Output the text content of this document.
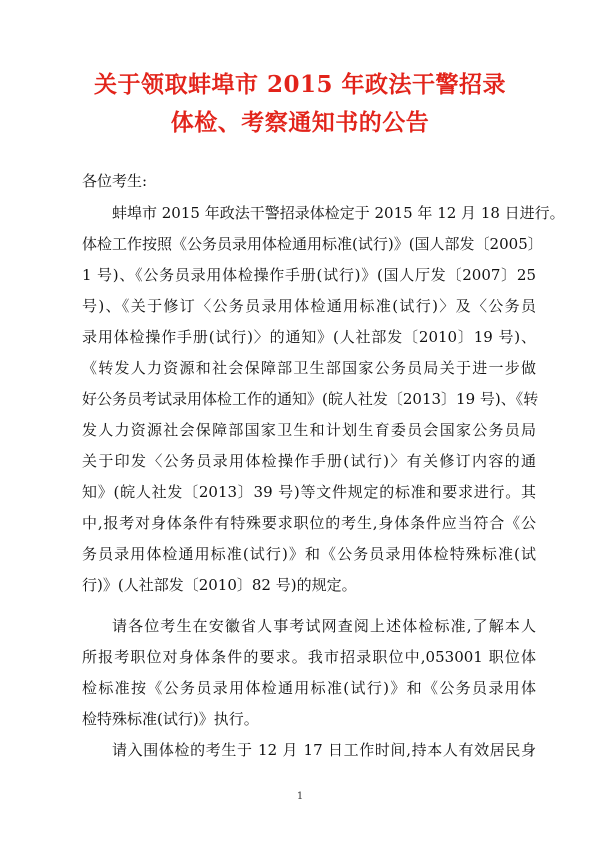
关于领取蚌埠市 2015 年政法干警招录
体检、考察通知书的公告
各位考生:
蚌埠市 2015 年政法干警招录体检定于 2015 年 12 月 18 日进行。
体检工作按照《公务员录用体检通用标准(试行)》(国人部发〔2005〕
1 号)、《公务员录用体检操作手册(试行)》(国人厅发〔2007〕25
号)、《关于修订〈公务员录用体检通用标准(试行)〉及〈公务员
录用体检操作手册(试行)〉的通知》(人社部发〔2010〕19 号)、
《转发人力资源和社会保障部卫生部国家公务员局关于进一步做
好公务员考试录用体检工作的通知》(皖人社发〔2013〕19 号)、《转
发人力资源社会保障部国家卫生和计划生育委员会国家公务员局
关于印发〈公务员录用体检操作手册(试行)〉有关修订内容的通
知》(皖人社发〔2013〕39 号)等文件规定的标准和要求进行。其
中,报考对身体条件有特殊要求职位的考生,身体条件应当符合《公
务员录用体检通用标准(试行)》和《公务员录用体检特殊标准(试
行)》(人社部发〔2010〕82 号)的规定。
请各位考生在安徽省人事考试网查阅上述体检标准,了解本人
所报考职位对身体条件的要求。我市招录职位中,053001 职位体
检标准按《公务员录用体检通用标准(试行)》和《公务员录用体
检特殊标准(试行)》执行。
请入围体检的考生于 12 月 17 日工作时间,持本人有效居民身
1
